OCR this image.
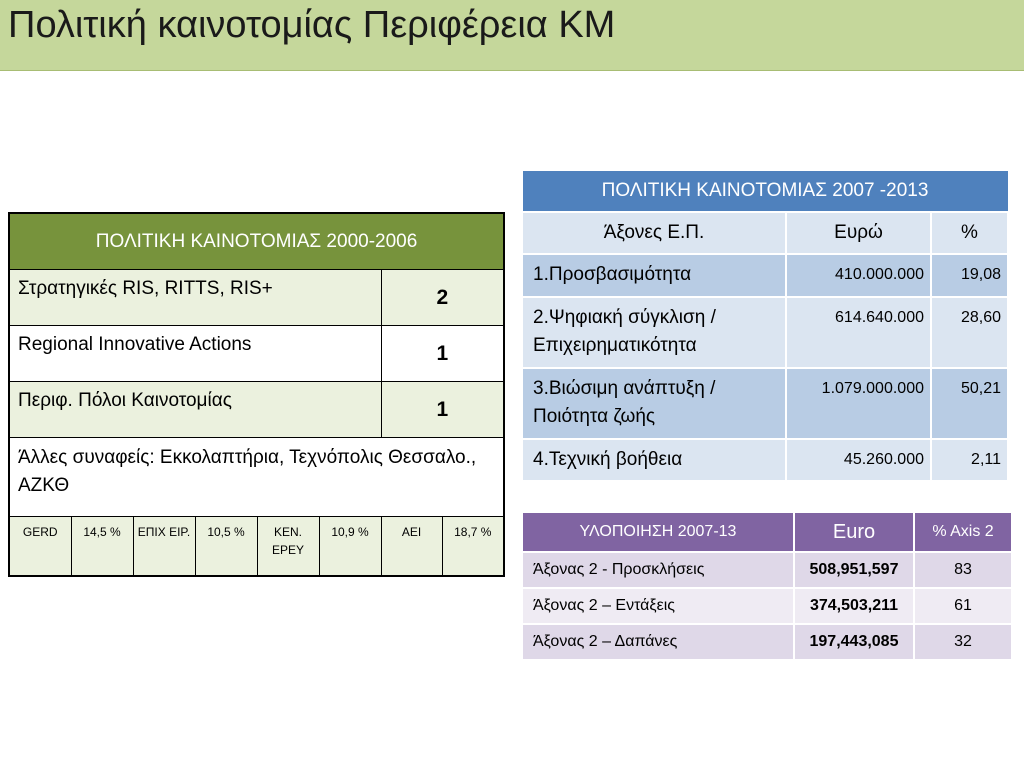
Πολιτική καινοτομίας Περιφέρεια ΚΜ
ΠΟΛΙΤΙΚΗ ΚΑΙΝΟΤΟΜΙΑΣ 2000-2006							
Στρατηγικές RIS, RITTS, RIS+						2	
Regional Innovative Actions						1	
Περιφ. Πόλοι Καινοτομίας						1	
Άλλες συναφείς: Εκκολαπτήρια, Τεχνόπολις Θεσσαλο., ΑΖΚΘ							
GERD	14,5 %	ΕΠΙΧ ΕΙΡ.	10,5 %	ΚΕΝ. ΕΡΕΥ	10,9 %	ΑΕΙ	18,7 %
ΠΟΛΙΤΙΚΗ ΚΑΙΝΟΤΟΜΙΑΣ 2007 -2013		
Άξονες Ε.Π.	Ευρώ	%
1.Προσβασιμότητα	410.000.000	19,08
2.Ψηφιακή σύγκλιση / Επιχειρηματικότητα	614.640.000	28,60
3.Βιώσιμη ανάπτυξη / Ποιότητα ζωής	1.079.000.000	50,21
4.Τεχνική βοήθεια	45.260.000	2,11
ΥΛΟΠΟΙΗΣΗ 2007-13	Euro	% Axis 2
Άξονας 2 - Προσκλήσεις	508,951,597	83
Άξονας 2 – Εντάξεις	374,503,211	61
Άξονας 2 – Δαπάνες	197,443,085	32
